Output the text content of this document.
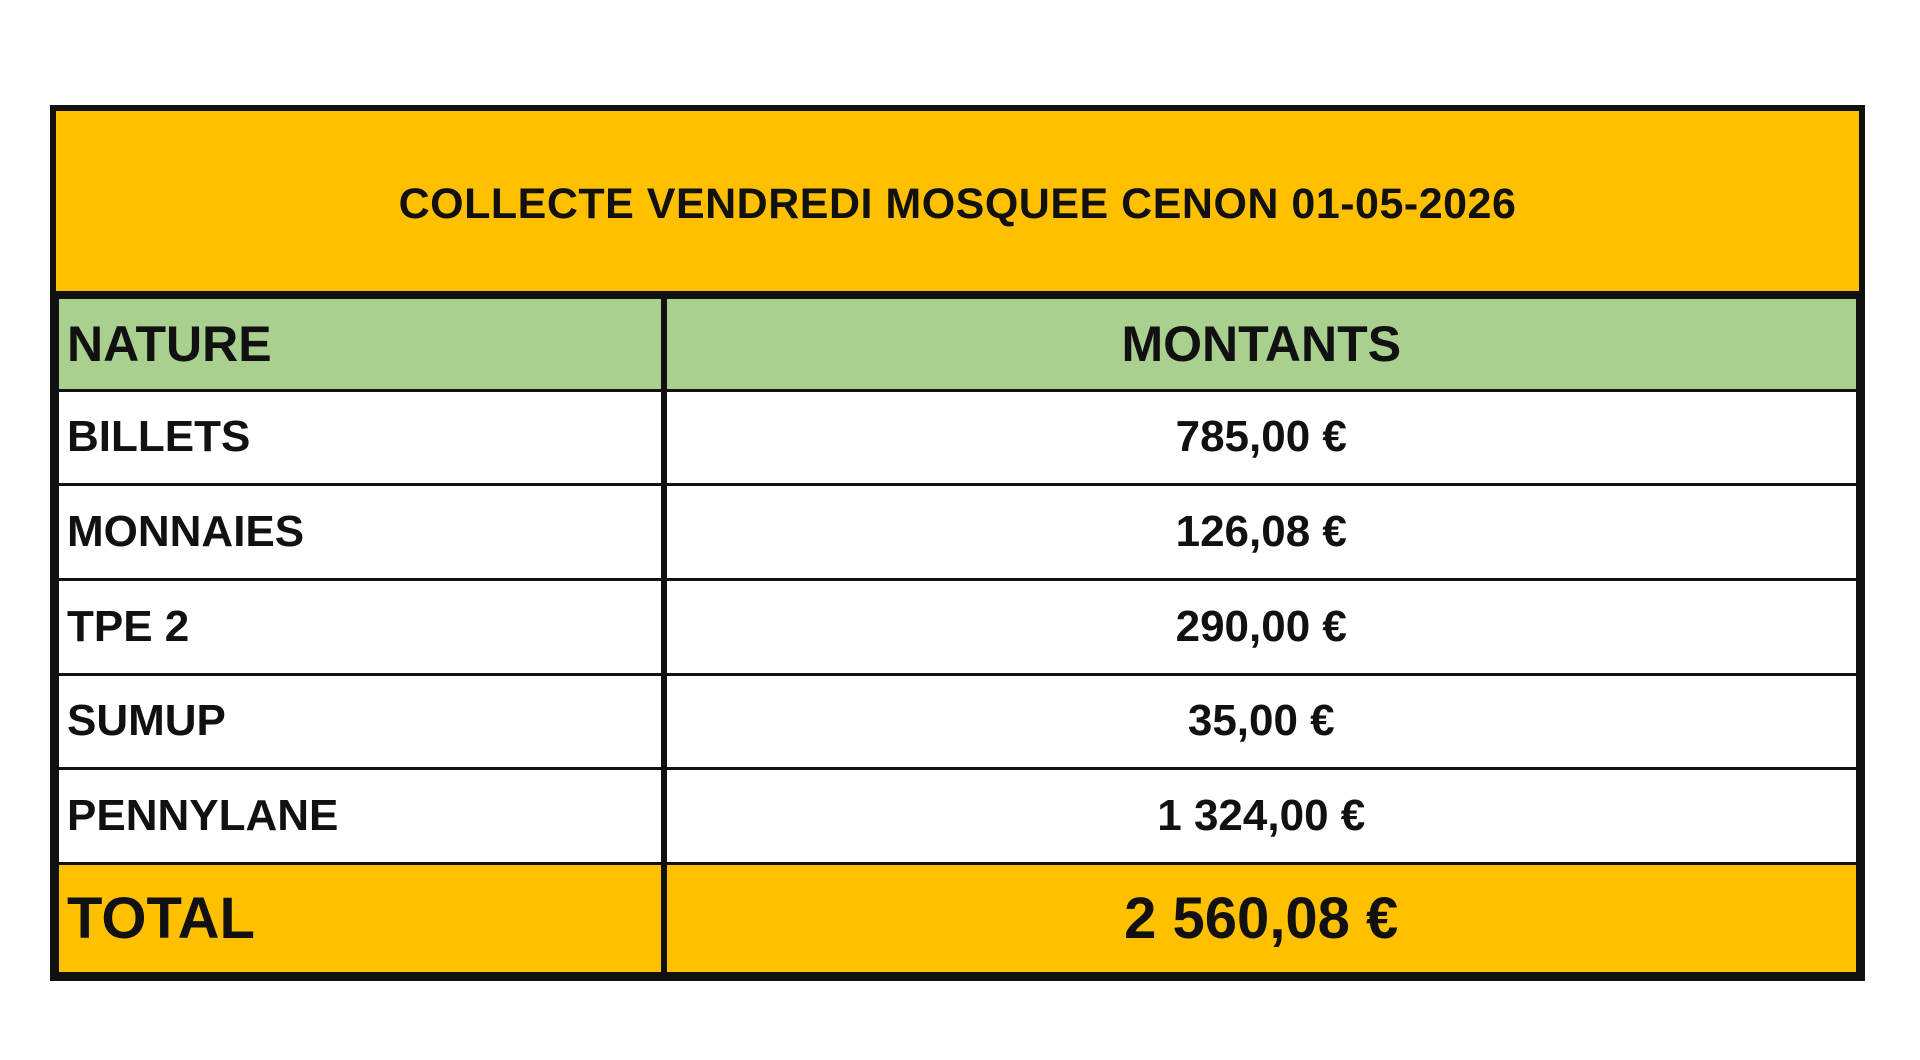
COLLECTE VENDREDI MOSQUEE CENON 01-05-2026
NATURE	MONTANTS
BILLETS	785,00 €
MONNAIES	126,08 €
TPE 2	290,00 €
SUMUP	35,00 €
PENNYLANE	1 324,00 €
TOTAL	2 560,08 €
